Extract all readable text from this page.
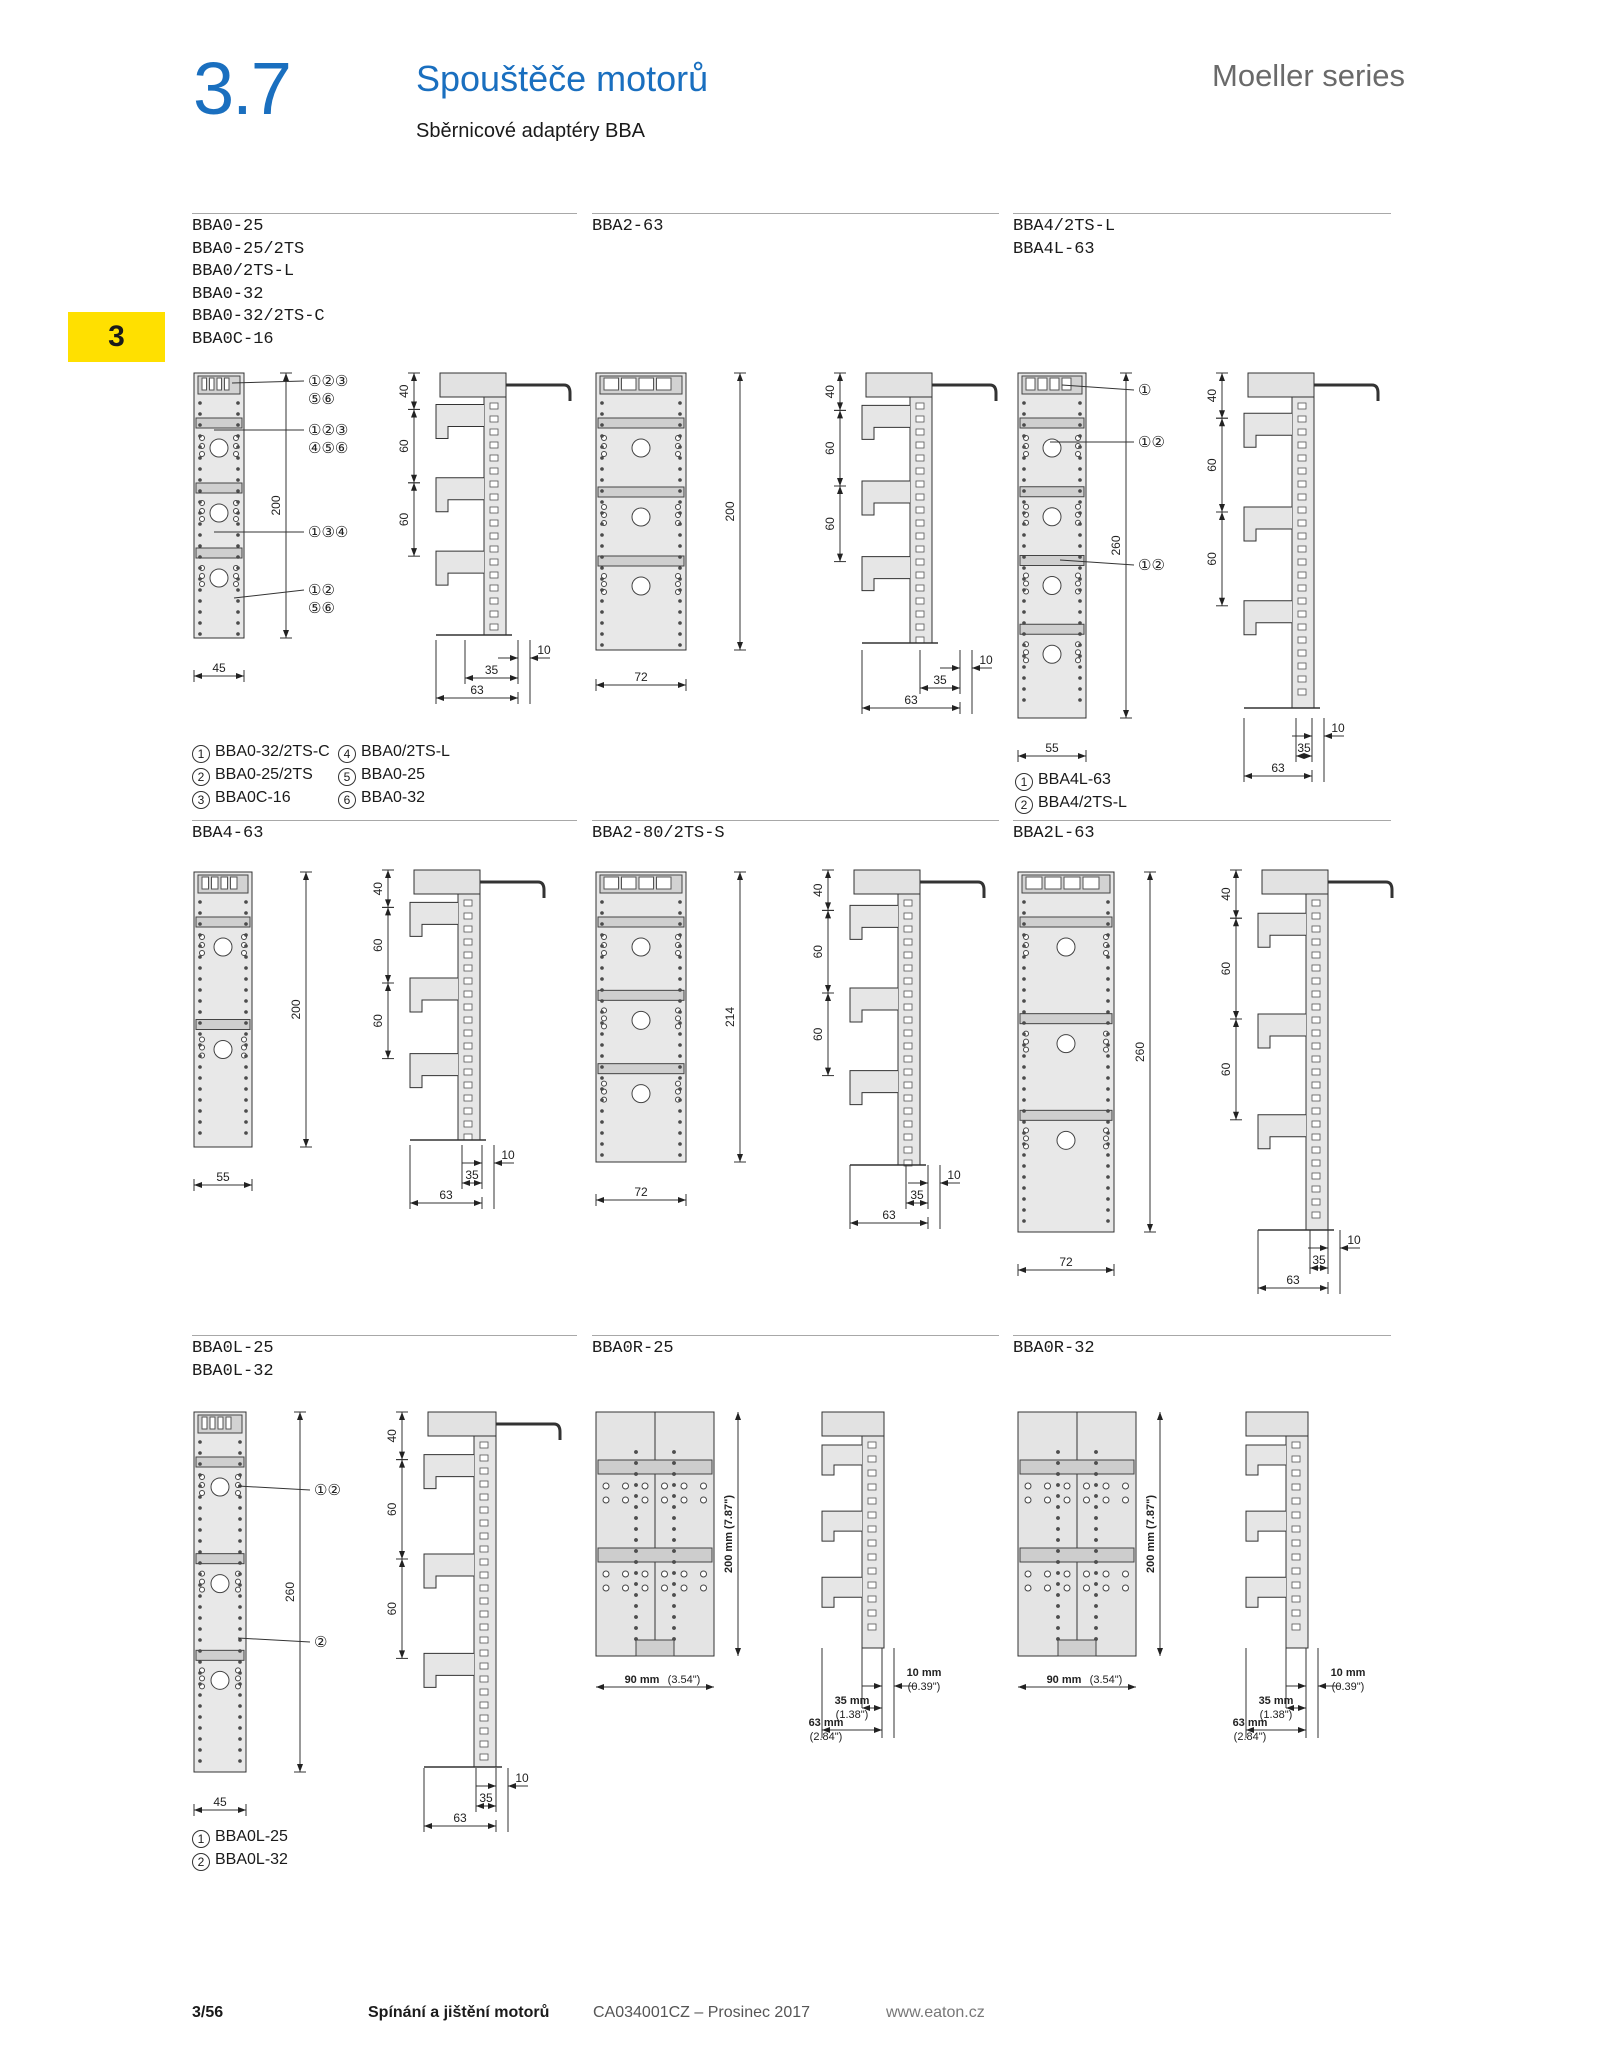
3.7	Spouštěče motorů
Sběrnicové adaptéry BBA
Moeller series
3
BBA0-25
BBA0-25/2TS
BBA0/2TS-L
BBA0-32
BBA0-32/2TS-C
BBA0C-16
BBA2-63	BBA4/2TS-L
BBA4L-63
BBA4-63	BBA2-80/2TS-S	BBA2L-63
BBA0L-25
BBA0L-32
BBA0R-25	BBA0R-32
200
45
①②③
⑤⑥
①②③
④⑤⑥
①③④
①②
⑤⑥
40
60
60
10
35
63
200
72
40
60
60
10
35
63
260
55
①
①②
①②
40
60
60
10
35
63
200
55
40
60
60
10
35
63
214
72
40
60
60
10
35
63
260
72
40
60
60
10
35
63
260
45
①②
②
40
60
60
10
35
63
200 mm (7.87")
90 mm (3.54")
10 mm
(0.39")
35 mm
(1.38")
63 mm
(2.84")
200 mm (7.87")
90 mm (3.54")
10 mm
(0.39")
35 mm
(1.38")
63 mm
(2.84")
1 BBA0-32/2TS-C
2 BBA0-25/2TS
3 BBA0C-16
4 BBA0/2TS-L
5 BBA0-25
6 BBA0-32
1 BBA4L-63
2 BBA4/2TS-L
1 BBA0L-25
2 BBA0L-32
3/56	Spínání a jištění motorů	CA034001CZ – Prosinec 2017	www.eaton.cz
